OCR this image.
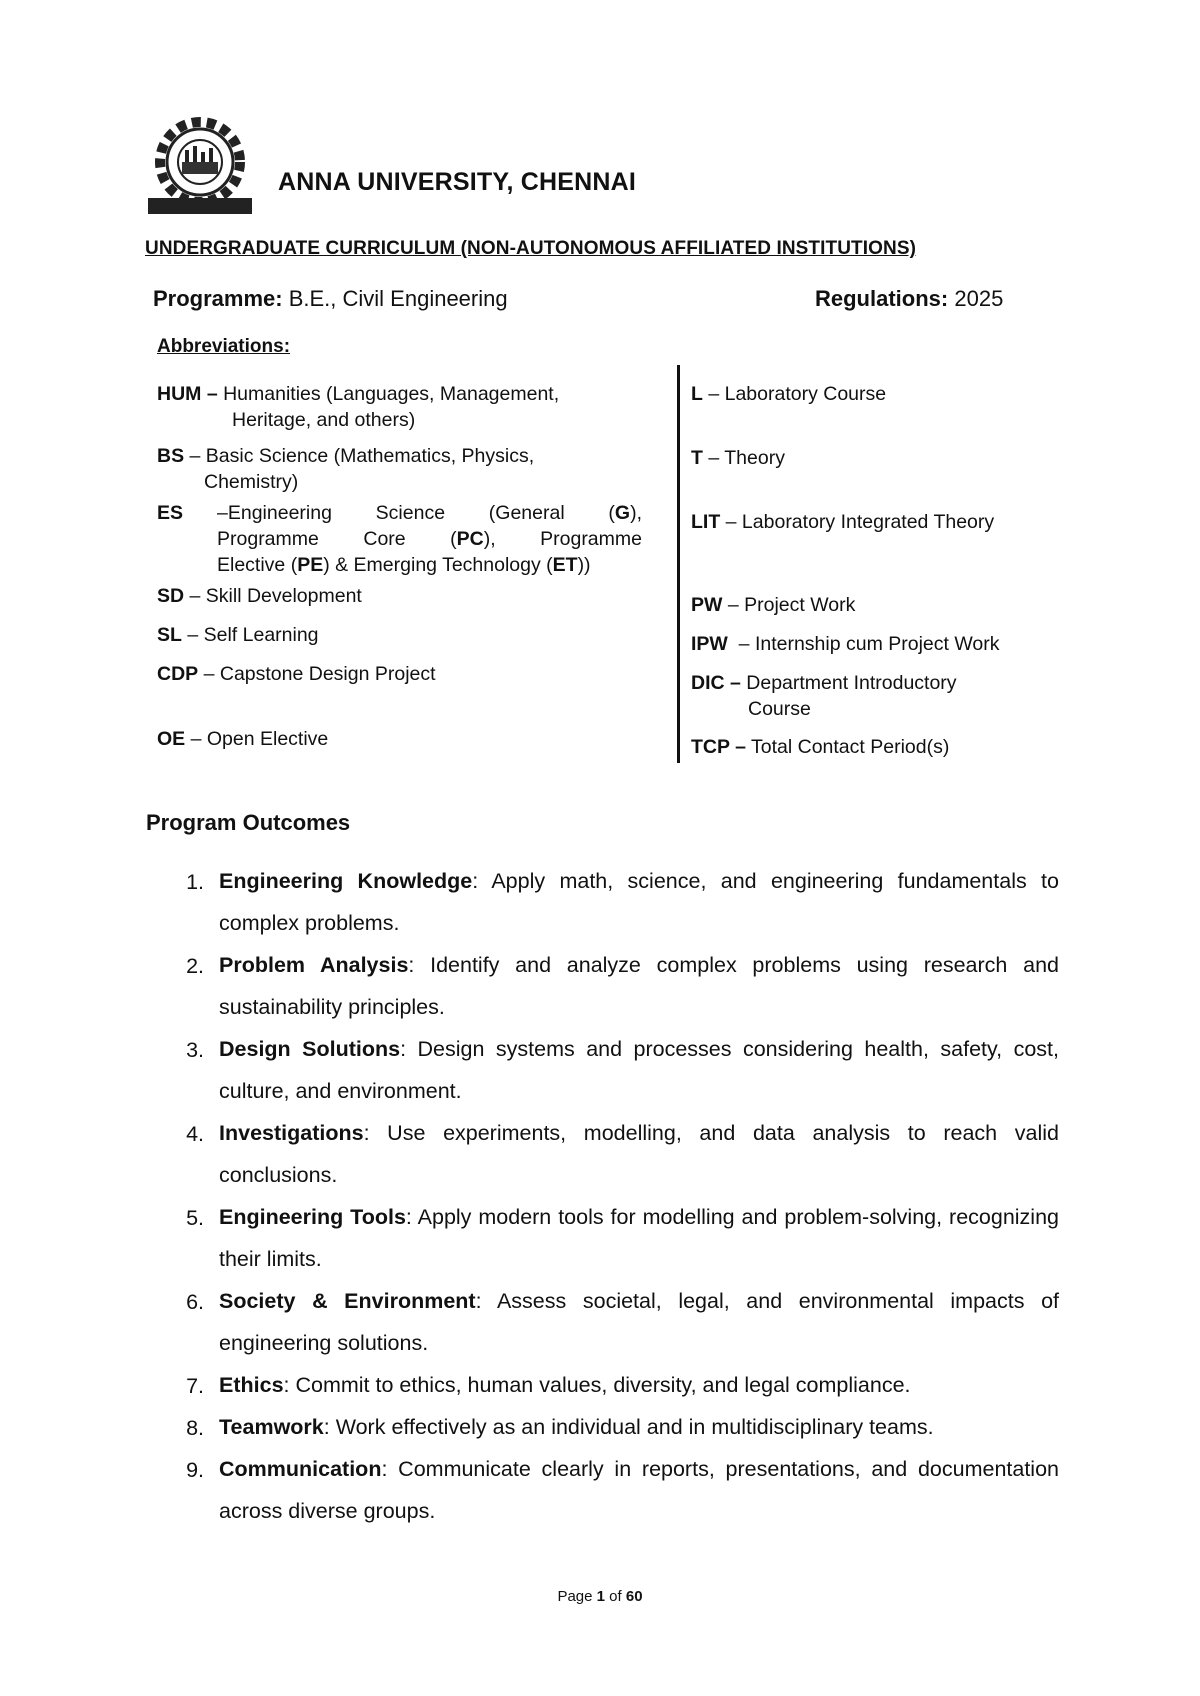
ANNA UNIVERSITY, CHENNAI
UNDERGRADUATE CURRICULUM (NON-AUTONOMOUS AFFILIATED INSTITUTIONS)
Programme: B.E., Civil Engineering	Regulations: 2025
Abbreviations:
HUM – Humanities (Languages, Management,
Heritage, and others)
BS – Basic Science (Mathematics, Physics,
Chemistry)
ES	–Engineering Science (General (G),
Programme Core (PC), Programme
Elective (PE) & Emerging Technology (ET))
SD – Skill Development
SL – Self Learning
CDP – Capstone Design Project
OE – Open Elective
L – Laboratory Course
T – Theory
LIT – Laboratory Integrated Theory
PW – Project Work
IPW  – Internship cum Project Work
DIC – Department Introductory
Course
TCP – Total Contact Period(s)
Program Outcomes
1. Engineering Knowledge: Apply math, science, and engineering fundamentals to complex problems.
2. Problem Analysis: Identify and analyze complex problems using research and sustainability principles.
3. Design Solutions: Design systems and processes considering health, safety, cost, culture, and environment.
4. Investigations: Use experiments, modelling, and data analysis to reach valid conclusions.
5. Engineering Tools: Apply modern tools for modelling and problem-solving, recognizing their limits.
6. Society & Environment: Assess societal, legal, and environmental impacts of engineering solutions.
7. Ethics: Commit to ethics, human values, diversity, and legal compliance.
8. Teamwork: Work effectively as an individual and in multidisciplinary teams.
9. Communication: Communicate clearly in reports, presentations, and documentation across diverse groups.
Page 1 of 60
